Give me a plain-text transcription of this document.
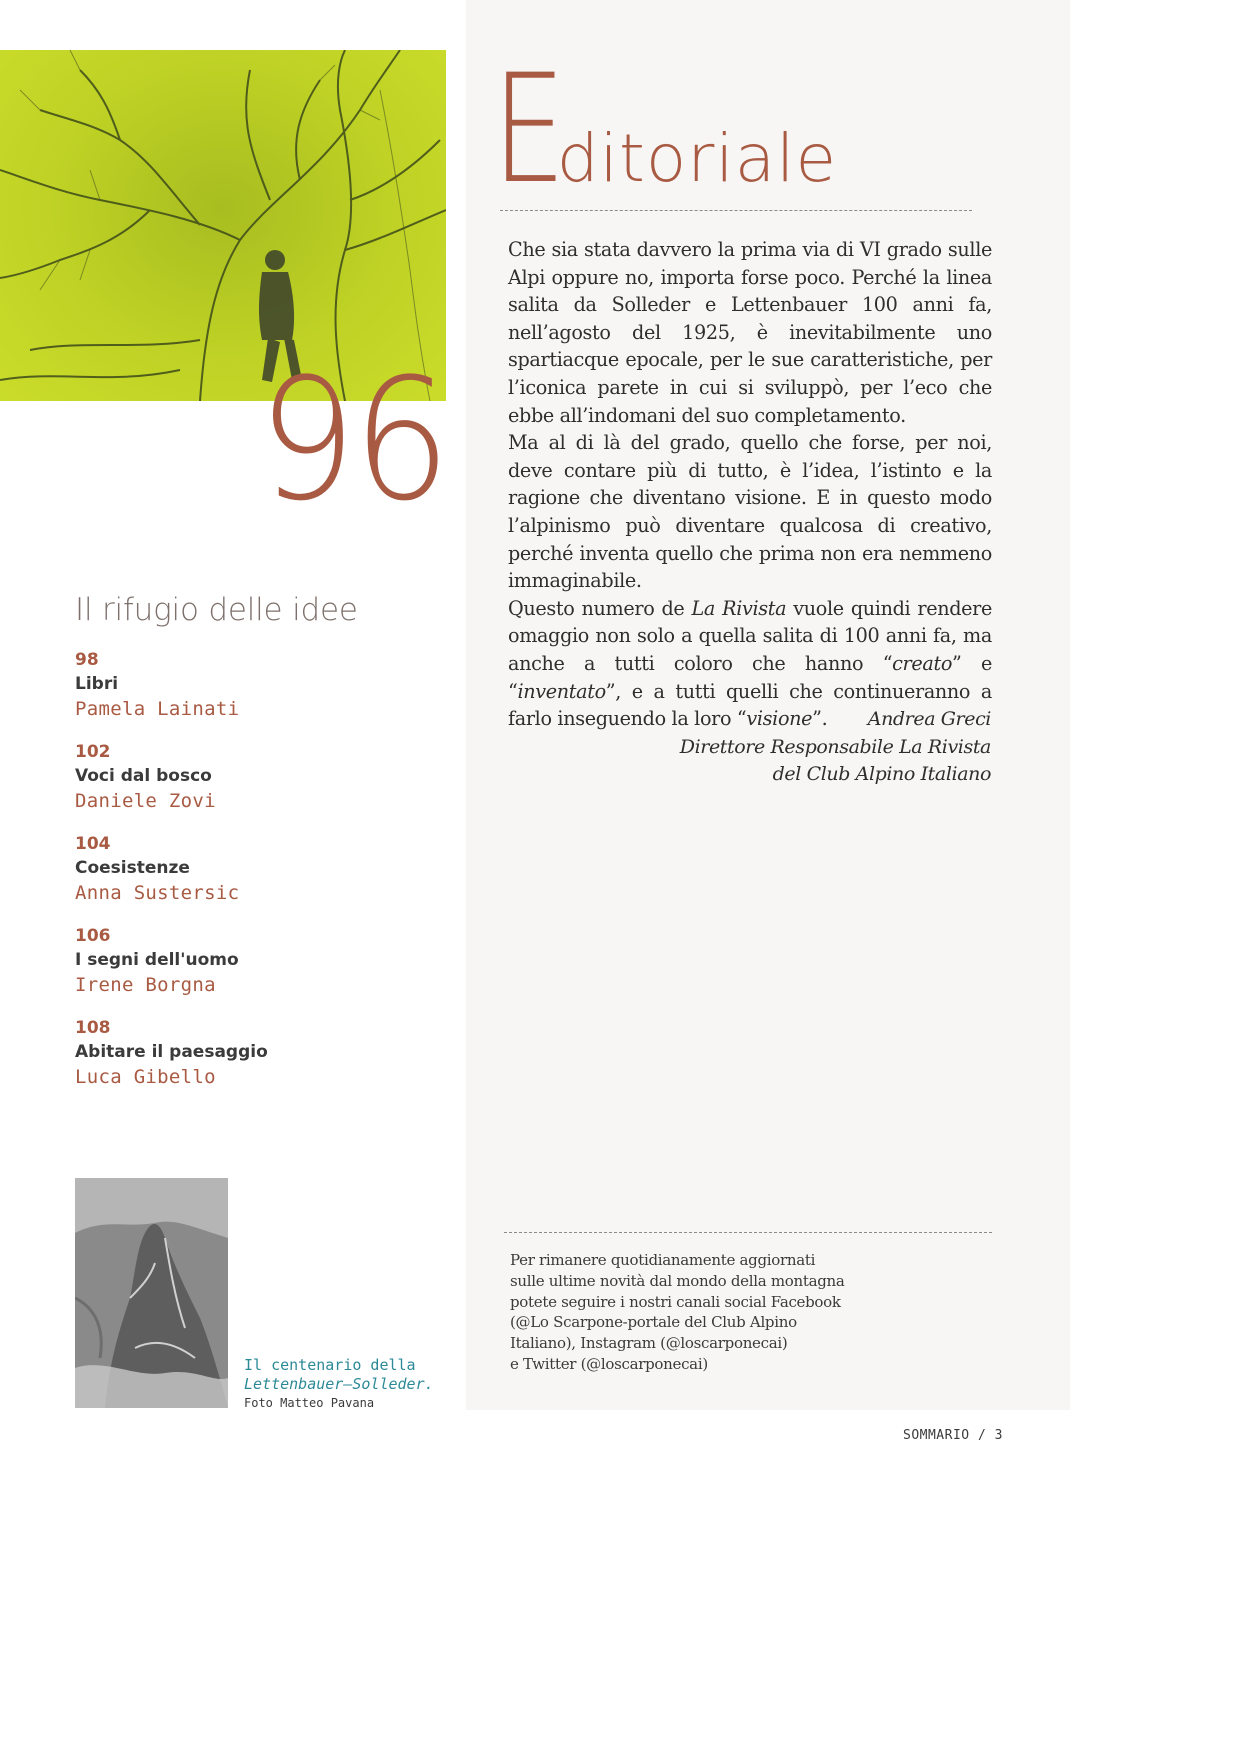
96
Il rifugio delle idee
98
Libri
Pamela Lainati
102
Voci dal bosco
Daniele Zovi
104
Coesistenze
Anna Sustersic
106
I segni dell'uomo
Irene Borgna
108
Abitare il paesaggio
Luca Gibello
Il centenario della
Lettenbauer–Solleder.
Foto Matteo Pavana
Editoriale

Che sia stata davvero la prima via di VI grado sulle Alpi oppure no, importa forse poco. Perché la linea salita da Solleder e Lettenbauer 100 anni fa, nell’agosto del 1925, è inevitabilmente uno spartiacque epocale, per le sue caratteristiche, per l’iconica parete in cui si sviluppò, per l’eco che ebbe all’indomani del suo completamento.

Ma al di là del grado, quello che forse, per noi, deve contare più di tutto, è l’idea, l’istinto e la ragione che diventano visione. E in questo modo l’alpinismo può diventare qualcosa di creativo, perché inventa quello che prima non era nemmeno immaginabile.

Questo numero de La Rivista vuole quindi rendere omaggio non solo a quella salita di 100 anni fa, ma anche a tutti coloro che hanno “creato” e “inventato”, e a tutti quelli che continueranno a farlo inseguendo la loro “visione”.	Andrea Greci
Direttore Responsabile La Rivista
del Club Alpino Italiano
Per rimanere quotidianamente aggiornati
sulle ultime novità dal mondo della montagna
potete seguire i nostri canali social Facebook
(@Lo Scarpone-portale del Club Alpino
Italiano), Instagram (@loscarponecai)
e Twitter (@loscarponecai)
SOMMARIO / 3
